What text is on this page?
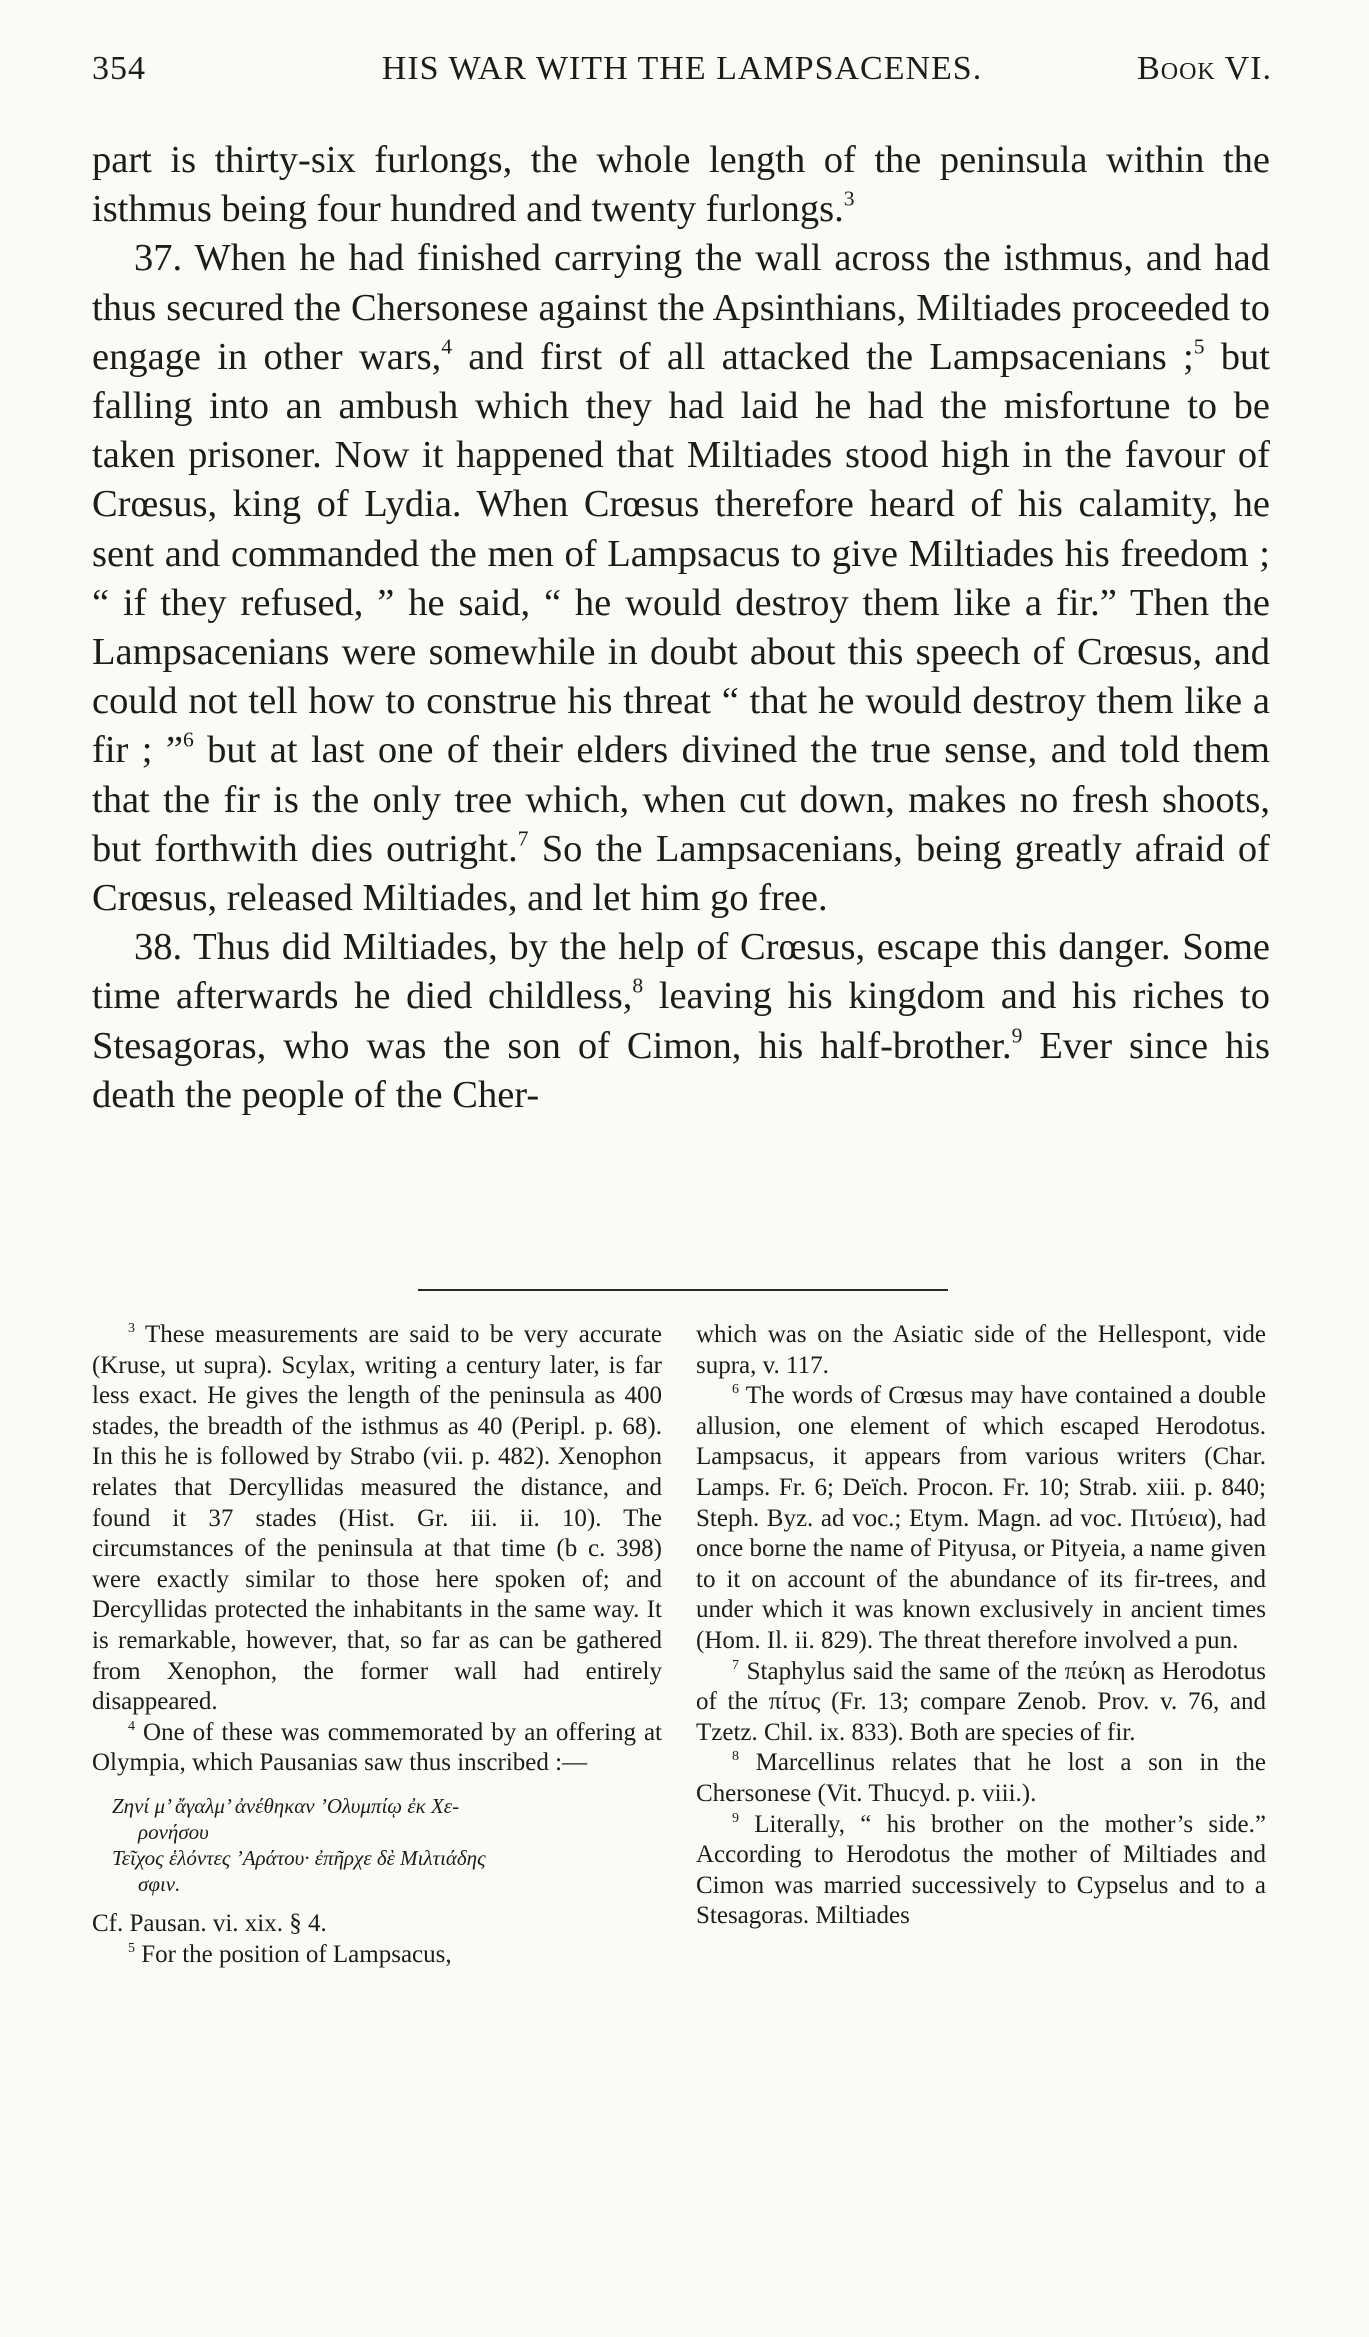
354	HIS WAR WITH THE LAMPSACENES.	Book VI.

part is thirty-six furlongs, the whole length of the peninsula within the isthmus being four hundred and twenty furlongs.$^3$

37. When he had finished carrying the wall across the isthmus, and had thus secured the Chersonese against the Apsinthians, Miltiades proceeded to engage in other wars,$^4$ and first of all attacked the Lampsacenians ;$^5$ but falling into an ambush which they had laid he had the misfortune to be taken prisoner. Now it happened that Miltiades stood high in the favour of Crœsus, king of Lydia. When Crœsus therefore heard of his calamity, he sent and commanded the men of Lampsacus to give Miltiades his freedom ; “ if they refused, ” he said, “ he would destroy them like a fir.” Then the Lampsacenians were somewhile in doubt about this speech of Crœsus, and could not tell how to construe his threat “ that he would destroy them like a fir ; ”$^6$ but at last one of their elders divined the true sense, and told them that the fir is the only tree which, when cut down, makes no fresh shoots, but forthwith dies outright.$^7$ So the Lampsacenians, being greatly afraid of Crœsus, released Miltiades, and let him go free.

38. Thus did Miltiades, by the help of Crœsus, escape this danger. Some time afterwards he died childless,$^8$ leaving his kingdom and his riches to Stesagoras, who was the son of Cimon, his half-brother.$^9$ Ever since his death the people of the Cher-

$^3$ These measurements are said to be very accurate (Kruse, ut supra). Scylax, writing a century later, is far less exact. He gives the length of the peninsula as 400 stades, the breadth of the isthmus as 40 (Peripl. p. 68). In this he is followed by Strabo (vii. p. 482). Xenophon relates that Dercyllidas measured the distance, and found it 37 stades (Hist. Gr. iii. ii. 10). The circumstances of the peninsula at that time (b c. 398) were exactly similar to those here spoken of; and Dercyllidas protected the inhabitants in the same way. It is remarkable, however, that, so far as can be gathered from Xenophon, the former wall had entirely disappeared.

$^4$ One of these was commemorated by an offering at Olympia, which Pausanias saw thus inscribed :—

Ζηνί μ’ ἄγαλμ’ ἀνέθηκαν ’Ολυμπίῳ ἐκ Χε-
ρονήσου
Τεῖχος ἑλόντες ’Αράτου· ἐπῆρχε δὲ Μιλτιάδης
σφιν.

Cf. Pausan. vi. xix. § 4.

$^5$ For the position of Lampsacus,

which was on the Asiatic side of the Hellespont, vide supra, v. 117.

$^6$ The words of Crœsus may have contained a double allusion, one element of which escaped Herodotus. Lampsacus, it appears from various writers (Char. Lamps. Fr. 6; Deïch. Procon. Fr. 10; Strab. xiii. p. 840; Steph. Byz. ad voc.; Etym. Magn. ad voc. Πιτύεια), had once borne the name of Pityusa, or Pityeia, a name given to it on account of the abundance of its fir-trees, and under which it was known exclusively in ancient times (Hom. Il. ii. 829). The threat therefore involved a pun.

$^7$ Staphylus said the same of the πεύκη as Herodotus of the πίτυς (Fr. 13; compare Zenob. Prov. v. 76, and Tzetz. Chil. ix. 833). Both are species of fir.

$^8$ Marcellinus relates that he lost a son in the Chersonese (Vit. Thucyd. p. viii.).

$^9$ Literally, “ his brother on the mother’s side.” According to Herodotus the mother of Miltiades and Cimon was married successively to Cypselus and to a Stesagoras. Miltiades
